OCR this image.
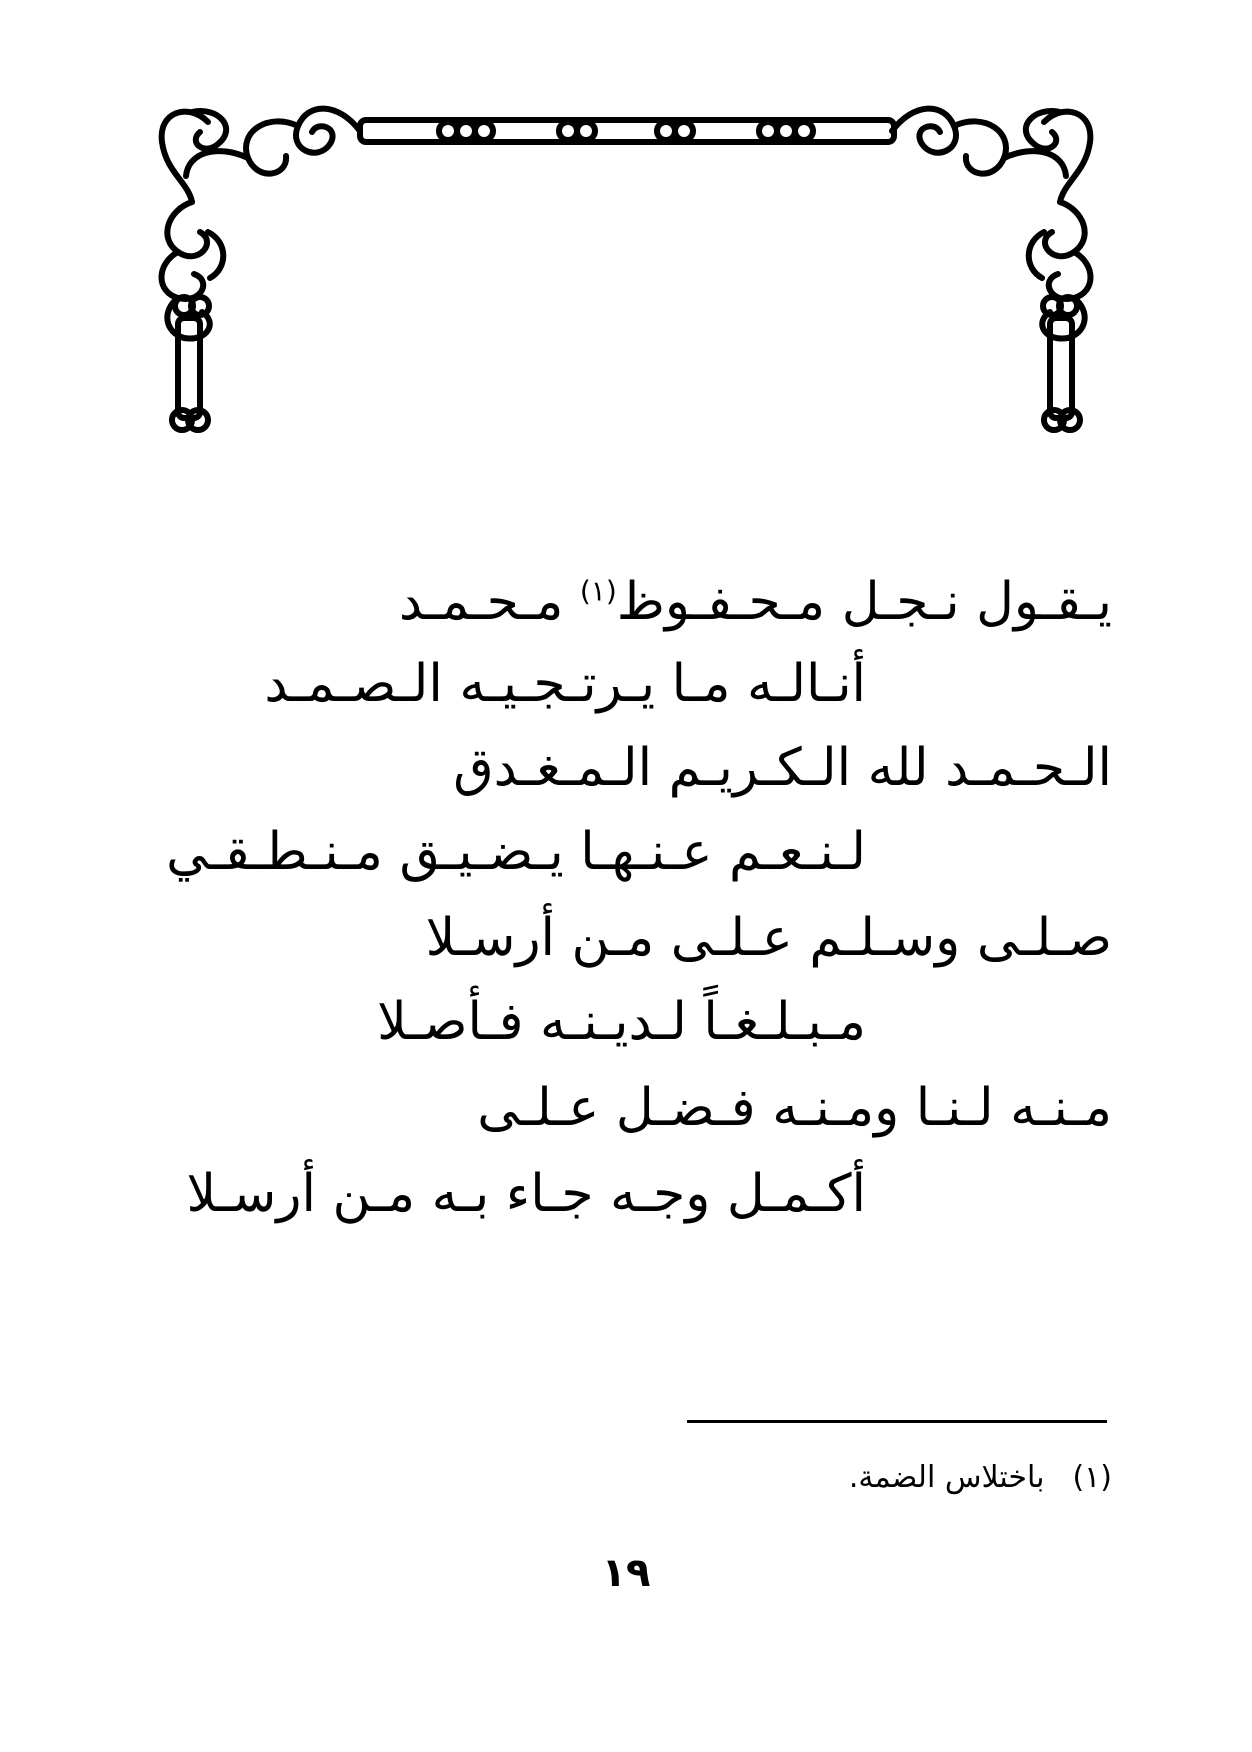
يـقـول نـجـل مـحـفـوظ$^{(١)}$ مـحـمـد

أنـالـه مـا يـرتـجـيـه الـصـمـد

الـحـمـد لله الـكـريـم الـمـغـدق

لـنـعـم عـنـهـا يـضـيـق مـنـطـقـي

صـلـى وسـلـم عـلـى مـن أرسـلا

مـبـلـغـاً لـديـنـه فـأصـلا

مـنـه لـنـا ومـنـه فـضـل عـلـى

أكـمـل وجـه جـاء بـه مـن أرسـلا

(١)باختلاس الضمة.
١٩
